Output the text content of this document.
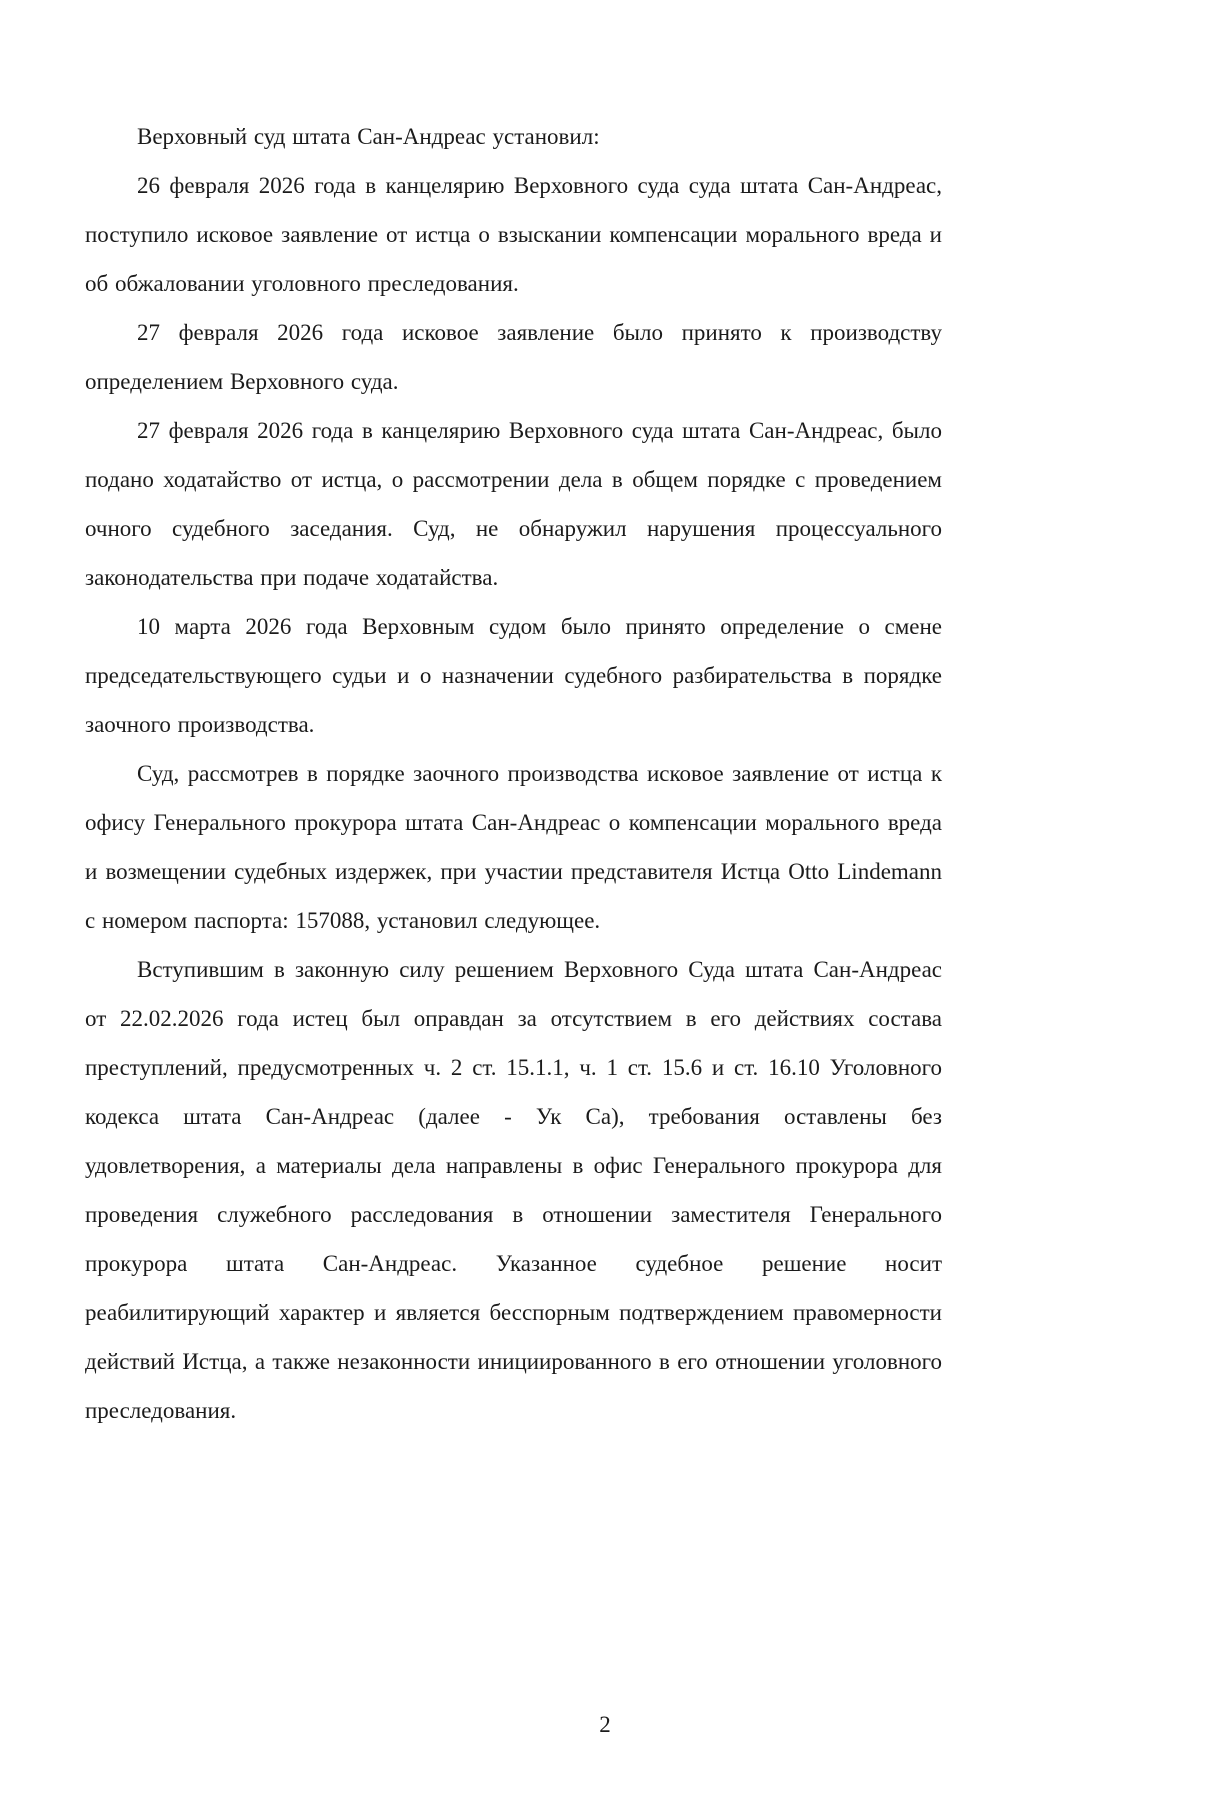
Верховный суд штата Сан-Андреас установил:

26 февраля 2026 года в канцелярию Верховного суда суда штата Сан-Андреас, поступило исковое заявление от истца о взыскании компенсации морального вреда и об обжаловании уголовного преследования.

27 февраля 2026 года исковое заявление было принято к производству определением Верховного суда.

27 февраля 2026 года в канцелярию Верховного суда штата Сан-Андреас, было подано ходатайство от истца, о рассмотрении дела в общем порядке с проведением очного судебного заседания. Суд, не обнаружил нарушения процессуального законодательства при подаче ходатайства.

10 марта 2026 года Верховным судом было принято определение о смене председательствующего судьи и о назначении судебного разбирательства в порядке заочного производства.

Суд, рассмотрев в порядке заочного производства исковое заявление от истца к офису Генерального прокурора штата Сан-Андреас о компенсации морального вреда и возмещении судебных издержек, при участии представителя Истца Otto Lindemann с номером паспорта: 157088, установил следующее.

Вступившим в законную силу решением Верховного Суда штата Сан-Андреас от 22.02.2026 года истец был оправдан за отсутствием в его действиях состава преступлений, предусмотренных ч. 2 ст. 15.1.1, ч. 1 ст. 15.6 и ст. 16.10 Уголовного кодекса штата Сан-Андреас (далее - Ук Са), требования оставлены без удовлетворения, а материалы дела направлены в офис Генерального прокурора для проведения служебного расследования в отношении заместителя Генерального прокурора штата Сан-Андреас. Указанное судебное решение носит реабилитирующий характер и является бесспорным подтверждением правомерности действий Истца, а также незаконности инициированного в его отношении уголовного преследования.

2
